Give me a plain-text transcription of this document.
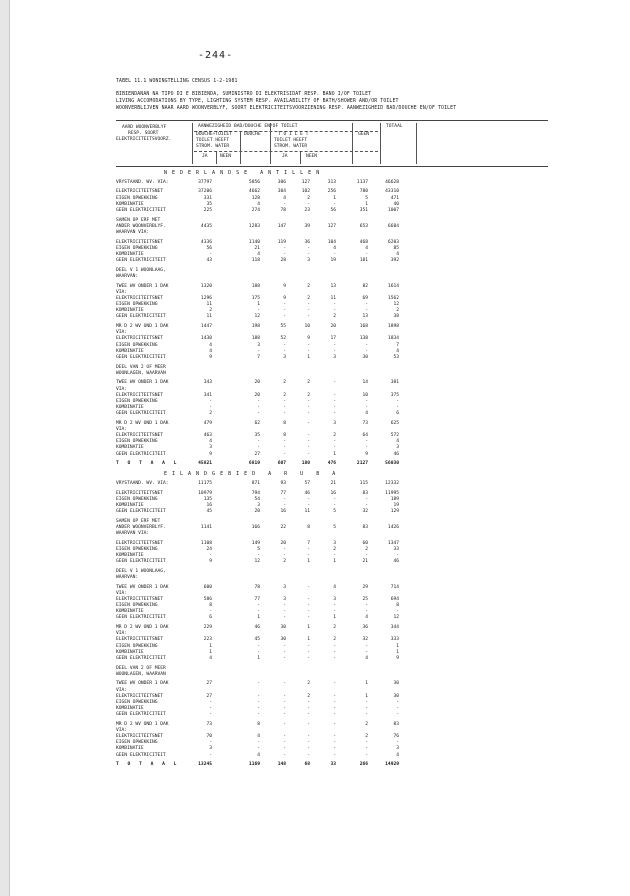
-244-
TABEL 11.1 WONINGTELLING CENSUS 1-2-1981
BIBIENDANAN NA TIPO DI E BIBIENDA, SUMINISTRO DI ELEKTRISIDAT RESP. BANO I/OF TOILET
LIVING ACCOMODATIONS BY TYPE, LIGHTING SYSTEM RESP. AVAILABILITY OF BATH/SHOWER AND/OR TOILET
WOONVERBLIJVEN NAAR AARD WOONVERBLYF, SOORT ELEKTRICITEITSVOORZIENING RESP. AANWEZIGHEID BAD/DOUCHE EN/OF TOILET
AARD WOONVERBLYF
RESP. SOORT
ELEKTRICITEITSVOORZ.
AANWEZIGHEID BAD/DOUCHE EN/OF TOILET
DOUCHE+TOILET
TOILET HEEFT
STROM. WATER
DOUCHE	T O I L E T
TOILET HEEFT
STROM. WATER
GEEN
TOTAAL
JA	NEEN	JA	NEEN
NEDERLANDSE ANTILLEN
VRYSTAAND. WV. VIA:	37797	5856	306	127	313	1137	46628
ELEKTRICITEITSNET	37206	4662	304	102	256	780	43310
EIGEN OPWEKKING	331	128	4	2	1	5	471
KOMBINATIE	35	4	-	-	-	1	40
GEEN ELEKTRICITEIT	225	274	78	23	56	351	1007
SAMEN OP ERF MET
ANDER WOONVERBLYF.	4435	1283	147	39	127	653	6684
WAARVAN VIA:
ELEKTRICITEITSNET	4336	1140	119	36	104	468	6203
EIGEN OPWEKKING	56	21	-	-	4	4	85
KOMBINATIE	-	4	-	-	-	-	4
GEEN ELEKTRICITEIT	43	118	28	3	19	181	392
DEEL V 1 WOONLAAG,
WAARVAN:
TWEE WV ONDER 1 DAK	1320	188	9	2	13	82	1614
VIA:
ELEKTRICITEITSNET	1296	175	9	2	11	69	1562
EIGEN OPWEKKING	11	1	-	-	-	-	12
KOMBINATIE	2	-	-	-	-	-	2
GEEN ELEKTRICITEIT	11	12	-	-	2	13	38
MR D 2 WV OND 1 DAK	1447	198	55	10	20	168	1898
VIA:
ELEKTRICITEITSNET	1430	188	52	9	17	138	1834
EIGEN OPWEKKING	4	3	-	-	-	-	7
KOMBINATIE	4	-	-	-	-	-	4
GEEN ELEKTRICITEIT	9	7	3	1	3	30	53
DEEL VAN 2 OF MEER
WOONLAGEN, WAARVAN
TWEE WV ONDER 1 DAK	343	20	2	2	-	14	381
VIA:
ELEKTRICITEITSNET	341	20	2	2	-	10	375
EIGEN OPWEKKING	-	-	-	-	-	-	-
KOMBINATIE	-	-	-	-	-	-	-
GEEN ELEKTRICITEIT	2	-	-	-	-	4	6
MR D 2 WV OND 1 DAK	479	62	8	-	3	73	625
VIA:
ELEKTRICITEITSNET	463	35	8	-	2	64	572
EIGEN OPWEKKING	4	-	-	-	-	-	4
KOMBINATIE	3	-	-	-	-	-	3
GEEN ELEKTRICITEIT	9	27	-	-	1	9	46
T O T A A L	45821	6819	607	180	476	2127	56030
EILANDGEBIED A R U B A
VRYSTAAND. WV. VIA:	11175	871	93	57	21	115	12332
ELEKTRICITEITSNET	10979	794	77	46	16	83	11995
EIGEN OPWEKKING	135	54	-	-	-	-	189
KOMBINATIE	16	3	-	-	-	-	19
GEEN ELEKTRICITEIT	45	20	16	11	5	32	129
SAMEN OP ERF MET
ANDER WOONVERBLYF.	1141	166	22	8	5	83	1426
WAARVAN VIA:
ELEKTRICITEITSNET	1108	149	20	7	3	60	1347
EIGEN OPWEKKING	24	5	-	-	2	2	33
KOMBINATIE	-	-	-	-	-	-	-
GEEN ELEKTRICITEIT	9	12	2	1	1	21	46
DEEL V 1 WOONLAAG,
WAARVAN:
TWEE WV ONDER 1 DAK	600	78	3	-	4	29	714
VIA:
ELEKTRICITEITSNET	586	77	3	-	3	25	694
EIGEN OPWEKKING	8	-	-	-	-	-	8
KOMBINATIE	-	-	-	-	-	-	-
GEEN ELEKTRICITEIT	6	1	-	-	1	4	12
MR D 2 WV OND 1 DAK	229	46	30	1	2	36	344
VIA:
ELEKTRICITEITSNET	223	45	30	1	2	32	333
EIGEN OPWEKKING	1	-	-	-	-	-	1
KOMBINATIE	1	-	-	-	-	-	1
GEEN ELEKTRICITEIT	4	1	-	-	-	4	9
DEEL VAN 2 OF MEER
WOONLAGEN, WAARVAN
TWEE WV ONDER 1 DAK	27	-	-	2	-	1	30
VIA:
ELEKTRICITEITSNET	27	-	-	2	-	1	30
EIGEN OPWEKKING	-	-	-	-	-	-	-
KOMBINATIE	-	-	-	-	-	-	-
GEEN ELEKTRICITEIT	-	-	-	-	-	-	-
MR D 2 WV OND 1 DAK	73	8	-	-	-	2	83
VIA:
ELEKTRICITEITSNET	70	4	-	-	-	2	76
EIGEN OPWEKKING	-	-	-	-	-	-	-
KOMBINATIE	3	-	-	-	-	-	3
GEEN ELEKTRICITEIT	-	4	-	-	-	-	4
T O T A A L	13245	1169	148	68	33	266	14929
